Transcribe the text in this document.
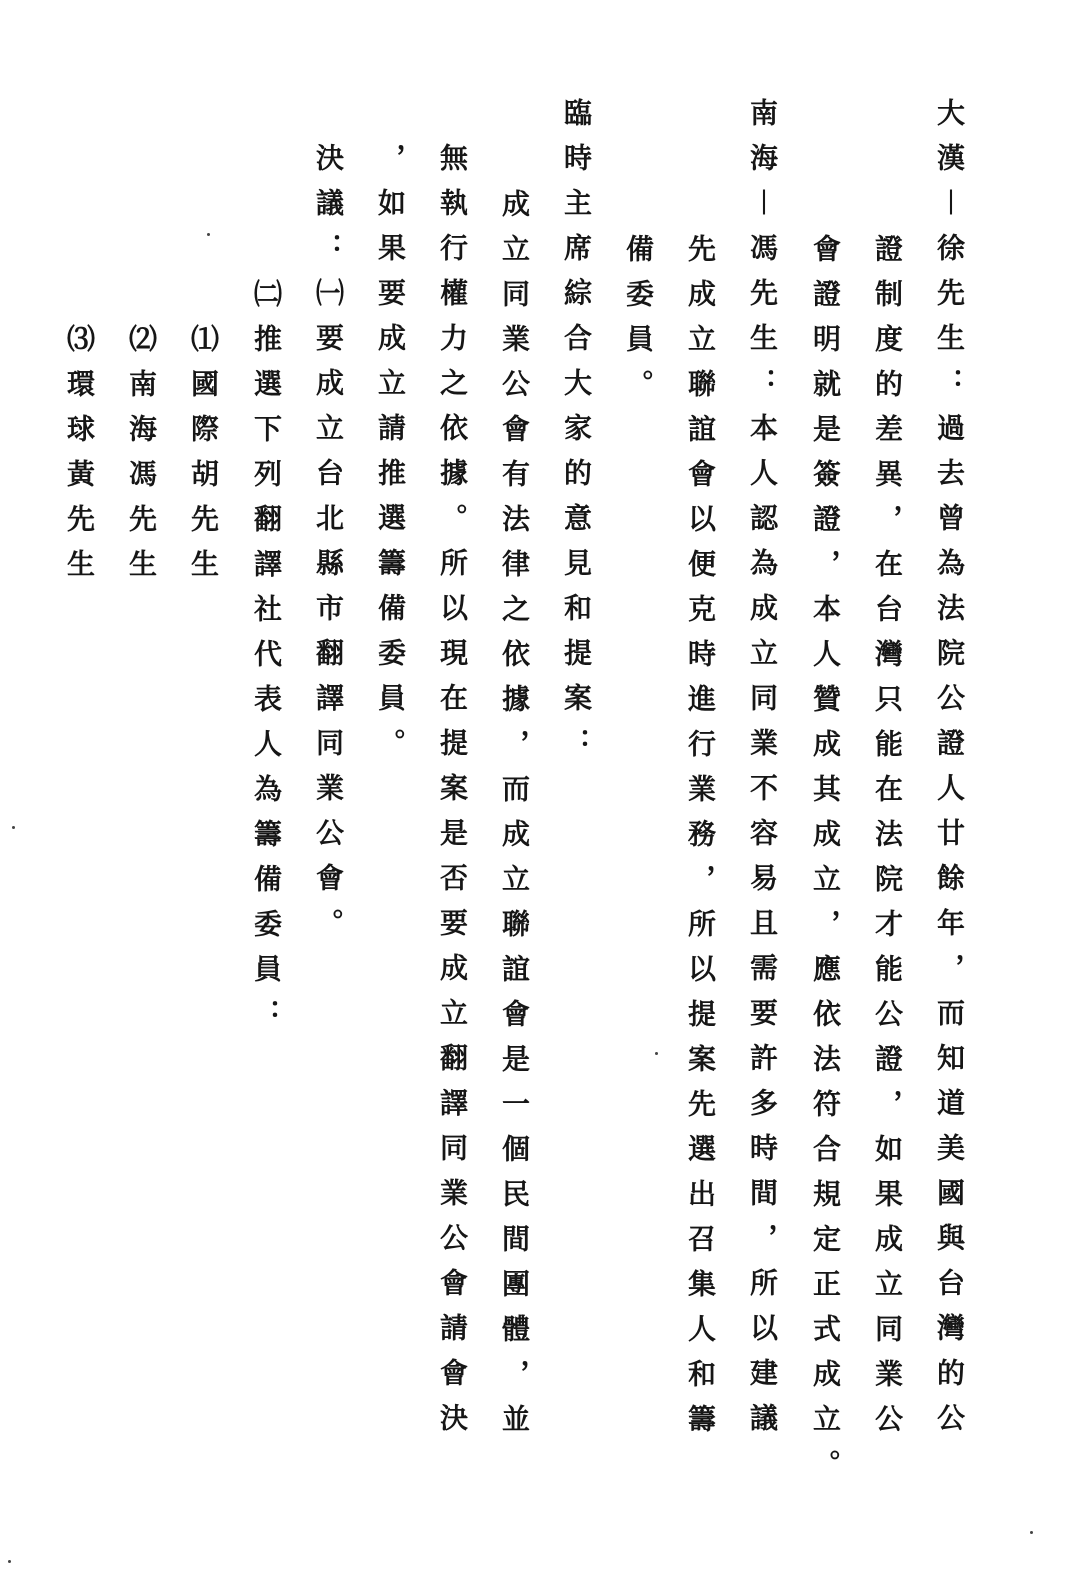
大漢︱徐先生：過去曾為法院公證人廿餘年，而知道美國與台灣的公
證制度的差異，在台灣只能在法院才能公證，如果成立同業公
會證明就是簽證，本人贊成其成立，應依法符合規定正式成立。
南海︱馮先生：本人認為成立同業不容易且需要許多時間，所以建議
先成立聯誼會以便克時進行業務，所以提案先選出召集人和籌
備委員。
臨時主席綜合大家的意見和提案：
成立同業公會有法律之依據，而成立聯誼會是一個民間團體，並
無執行權力之依據。所以現在提案是否要成立翻譯同業公會請會決
，如果要成立請推選籌備委員。
決議：㈠要成立台北縣市翻譯同業公會。
㈡推選下列翻譯社代表人為籌備委員：
⑴國際胡先生
⑵南海馮先生
⑶環球黃先生
